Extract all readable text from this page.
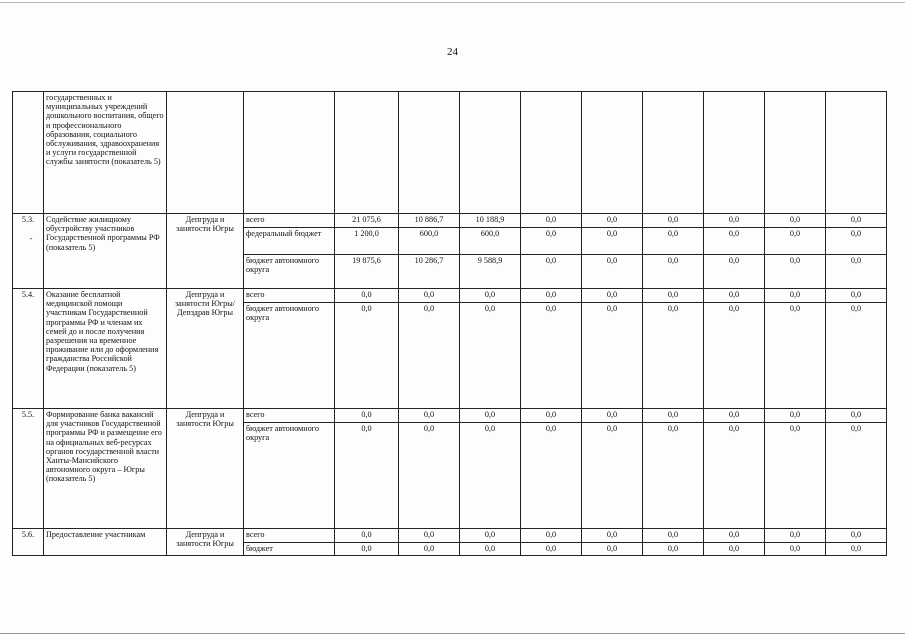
24
	государственных и муниципальных учреждений дошкольного воспитания, общего и профессионального образования, социального обслуживания, здравоохранения и услуги государственной службы занятости (показатель 5)											
5.3.
-	Содействие жилищному обустройству участников Государственной программы РФ (показатель 5)	Депгруда и занятости Югры	всего	21 075,6	10 886,7	10 188,9	0,0	0,0	0,0	0,0	0,0	0,0
			федеральный бюджет	1 200,0	600,0	600,0	0,0	0,0	0,0	0,0	0,0	0,0
			бюджет автономного округа	19 875,6	10 286,7	9 588,9	0,0	0,0	0,0	0,0	0,0	0,0
5.4.	Оказание бесплатной медицинской помощи участникам Государственной программы РФ и членам их семей до и после получения разрешения на временное проживание или до оформления гражданства Российской Федерации (показатель 5)	Депгруда и занятости Югры/Депздрав Югры	всего	0,0	0,0	0,0	0,0	0,0	0,0	0,0	0,0	0,0
			бюджет автономного округа	0,0	0,0	0,0	0,0	0,0	0,0	0,0	0,0	0,0
5.5.	Формирование банка вакансий для участников Государственной программы РФ и размещение его на официальных веб-ресурсах органов государственной власти Ханты-Мансийского автономного округа – Югры (показатель 5)	Депгруда и занятости Югры	всего	0,0	0,0	0,0	0,0	0,0	0,0	0,0	0,0	0,0
			бюджет автономного округа	0,0	0,0	0,0	0,0	0,0	0,0	0,0	0,0	0,0
5.6.	Предоставление участникам	Депгруда и занятости Югры	всего	0,0	0,0	0,0	0,0	0,0	0,0	0,0	0,0	0,0
			бюджет	0,0	0,0	0,0	0,0	0,0	0,0	0,0	0,0	0,0
